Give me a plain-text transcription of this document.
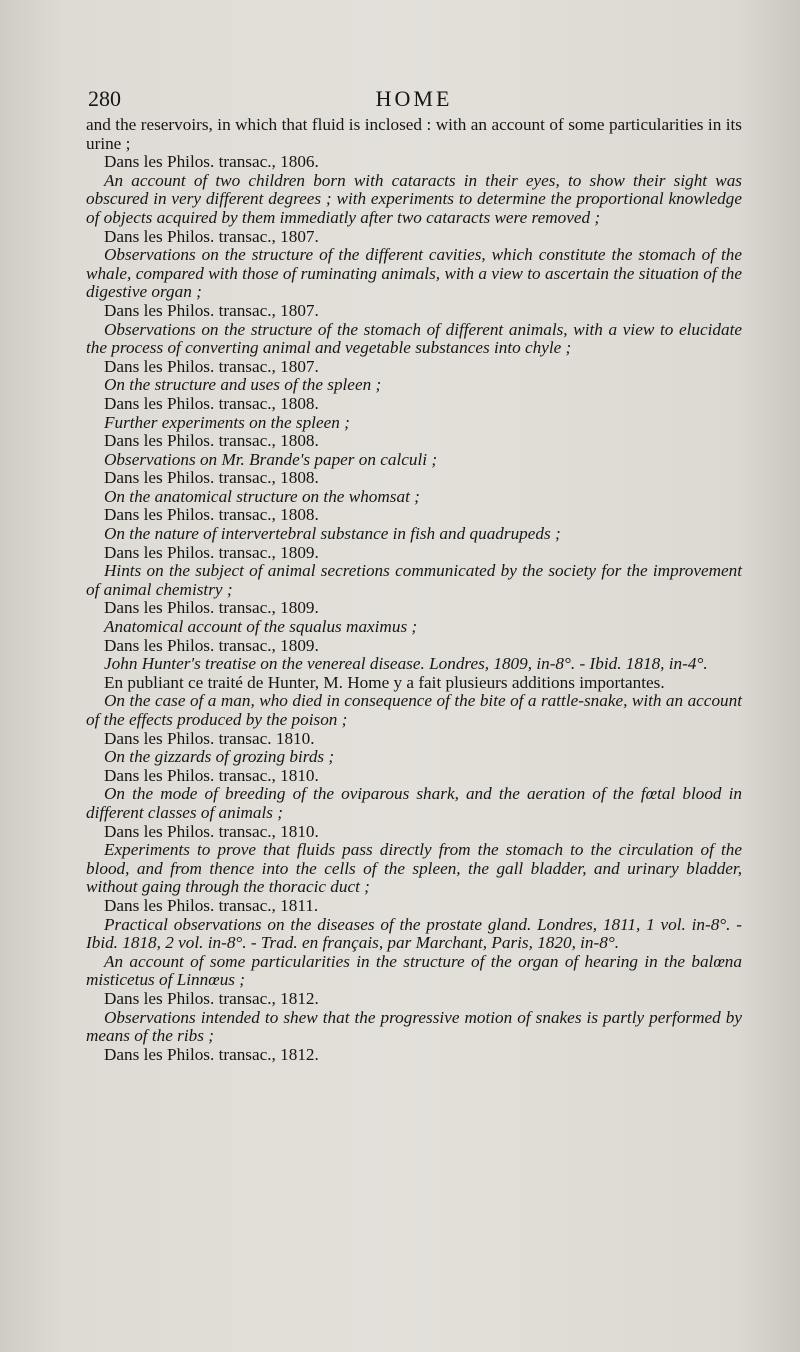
280	HOME

and the reservoirs, in which that fluid is inclosed : with an account of some particularities in its urine ;

Dans les Philos. transac., 1806.

An account of two children born with cataracts in their eyes, to show their sight was obscured in very different degrees ; with experiments to determine the proportional knowledge of objects acquired by them immediatly after two cataracts were removed ;

Dans les Philos. transac., 1807.

Observations on the structure of the different cavities, which constitute the stomach of the whale, compared with those of ruminating animals, with a view to ascertain the situation of the digestive organ ;

Dans les Philos. transac., 1807.

Observations on the structure of the stomach of different animals, with a view to elucidate the process of converting animal and vegetable substances into chyle ;

Dans les Philos. transac., 1807.

On the structure and uses of the spleen ;

Dans les Philos. transac., 1808.

Further experiments on the spleen ;

Dans les Philos. transac., 1808.

Observations on Mr. Brande's paper on calculi ;

Dans les Philos. transac., 1808.

On the anatomical structure on the whomsat ;

Dans les Philos. transac., 1808.

On the nature of intervertebral substance in fish and quadrupeds ;

Dans les Philos. transac., 1809.

Hints on the subject of animal secretions communicated by the society for the improvement of animal chemistry ;

Dans les Philos. transac., 1809.

Anatomical account of the squalus maximus ;

Dans les Philos. transac., 1809.

John Hunter's treatise on the venereal disease. Londres, 1809, in-8°. - Ibid. 1818, in-4°.

En publiant ce traité de Hunter, M. Home y a fait plusieurs additions importantes.

On the case of a man, who died in consequence of the bite of a rattle-snake, with an account of the effects produced by the poison ;

Dans les Philos. transac. 1810.

On the gizzards of grozing birds ;

Dans les Philos. transac., 1810.

On the mode of breeding of the oviparous shark, and the aeration of the fœtal blood in different classes of animals ;

Dans les Philos. transac., 1810.

Experiments to prove that fluids pass directly from the stomach to the circulation of the blood, and from thence into the cells of the spleen, the gall bladder, and urinary bladder, without gaing through the thoracic duct ;

Dans les Philos. transac., 1811.

Practical observations on the diseases of the prostate gland. Londres, 1811, 1 vol. in-8°. - Ibid. 1818, 2 vol. in-8°. - Trad. en français, par Marchant, Paris, 1820, in-8°.

An account of some particularities in the structure of the organ of hearing in the balœna misticetus of Linnœus ;

Dans les Philos. transac., 1812.

Observations intended to shew that the progressive motion of snakes is partly performed by means of the ribs ;

Dans les Philos. transac., 1812.
